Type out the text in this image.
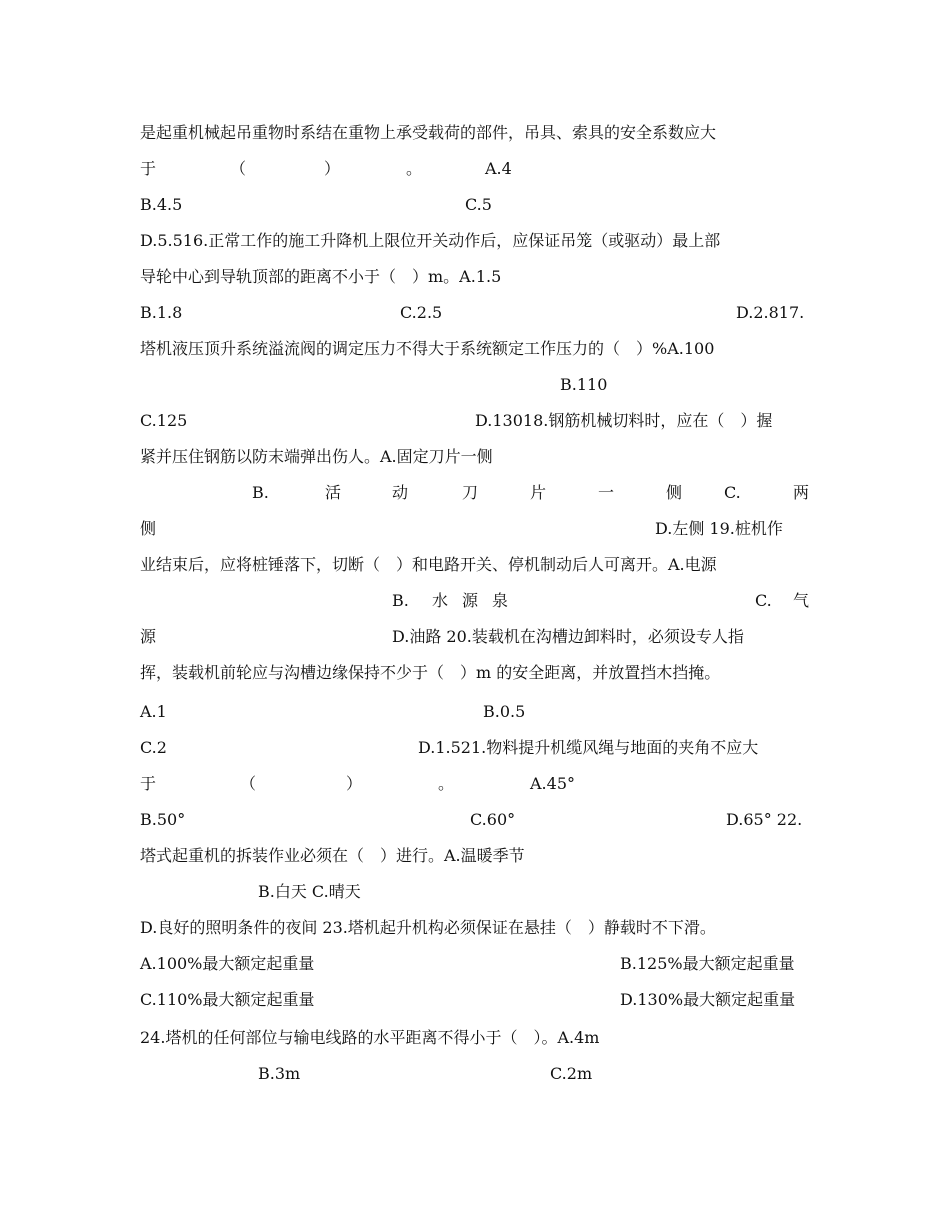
是起重机械起吊重物时系结在重物上承受载荷的部件，吊具、索具的安全系数应大

于

	（

	）

	。

	A.4

B.4.5

	C.5

D.5.516.正常工作的施工升降机上限位开关动作后，应保证吊笼（或驱动）最上部

导轮中心到导轨顶部的距离不小于（　）m。A.1.5

B.1.8

	C.2.5

	D.2.817.

塔机液压顶升系统溢流阀的调定压力不得大于系统额定工作压力的（　）%A.100

B.110

C.125

	D.13018.钢筋机械切料时，应在（　）握

紧并压住钢筋以防末端弹出伤人。A.固定刀片一侧

B.

	活

	动

	刀

	片

	一

	侧

	C.

	两

侧

	D.左侧 19.桩机作

业结束后，应将桩锤落下，切断（　）和电路开关、停机制动后人可离开。A.电源

B.

水

源

泉

	C.

气

源

	D.油路 20.装载机在沟槽边卸料时，必须设专人指

挥，装载机前轮应与沟槽边缘保持不少于（　）m 的安全距离，并放置挡木挡掩。

A.1

	B.0.5

C.2

	D.1.521.物料提升机缆风绳与地面的夹角不应大

于

	（

	）

	。

	A.45°

B.50°

	C.60°

	D.65° 22.

塔式起重机的拆装作业必须在（　）进行。A.温暖季节

B.白天 C.晴天

D.良好的照明条件的夜间 23.塔机起升机构必须保证在悬挂（　）静载时不下滑。

A.100%最大额定起重量

	B.125%最大额定起重量

C.110%最大额定起重量

	D.130%最大额定起重量

24.塔机的任何部位与输电线路的水平距离不得小于（　）。A.4m

B.3m

	C.2m
